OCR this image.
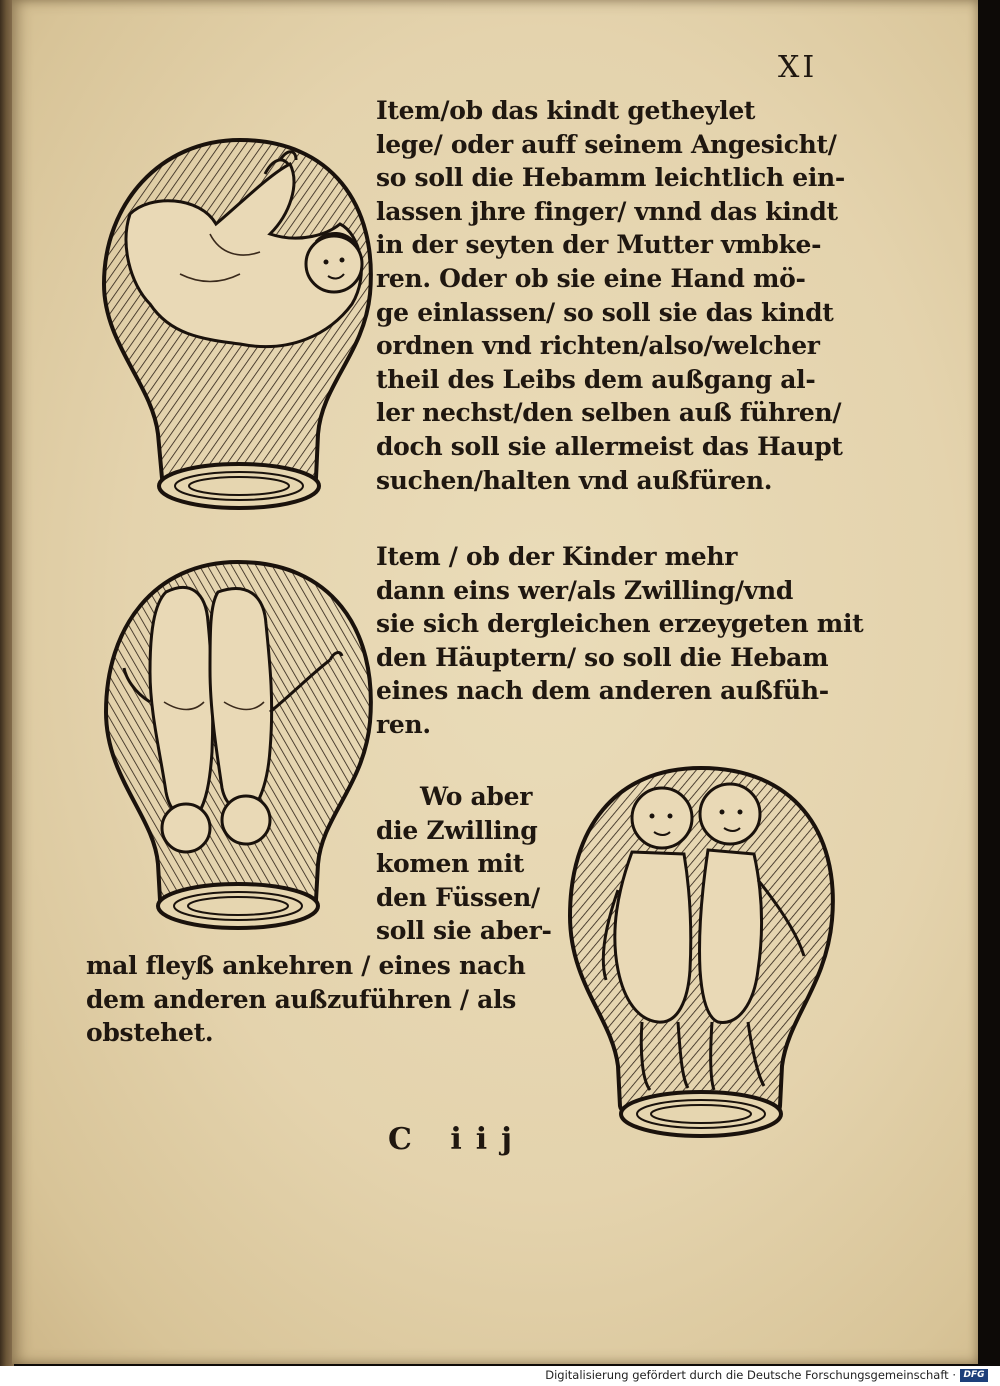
XI
Item/ob das kindt getheylet
lege/ oder auff seinem Angesicht/
so soll die Hebamm leichtlich ein-
lassen jhre finger/ vnnd das kindt
in der seyten der Mutter vmbke-
ren. Oder ob sie eine Hand mö-
ge einlassen/ so soll sie das kindt
ordnen vnd richten/also/welcher
theil des Leibs dem außgang al-
ler nechst/den selben auß führen/
doch soll sie allermeist das Haupt
suchen/halten vnd außfüren.
Item / ob der Kinder mehr
dann eins wer/als Zwilling/vnd
sie sich dergleichen erzeygeten mit
den Häuptern/ so soll die Hebam
eines nach dem anderen außfüh-
ren.
Wo aber
die Zwilling
komen mit
den Füssen/
soll sie aber-
mal fleyß ankehren / eines nach
dem anderen außzuführen / als
obstehet.
C iij
Digitalisierung gefördert durch die Deutsche Forschungsgemeinschaft · DFG
